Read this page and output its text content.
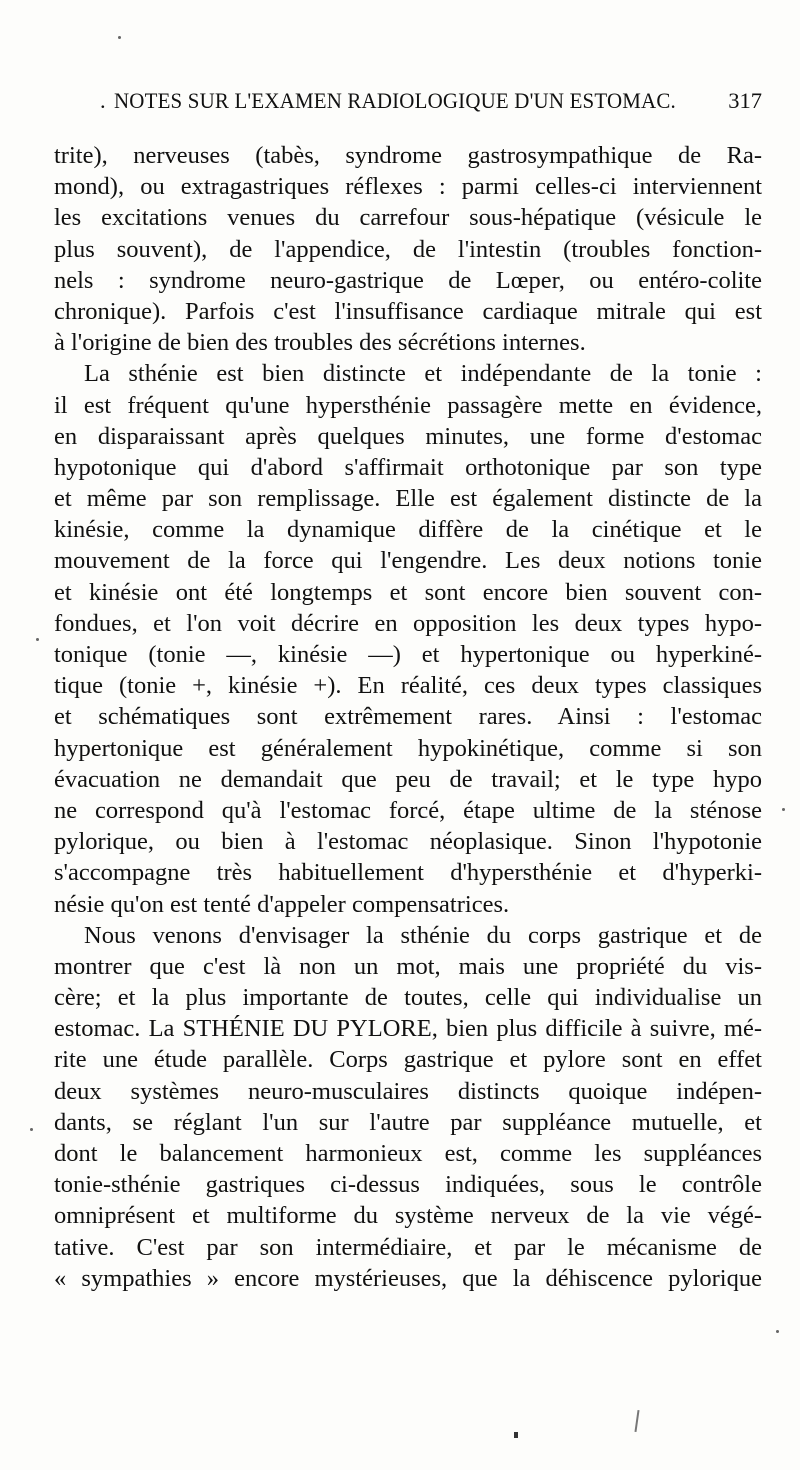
. NOTES SUR L'EXAMEN RADIOLOGIQUE D'UN ESTOMAC. 317
trite), nerveuses (tabès, syndrome gastrosympathique de Ra-
mond), ou extragastriques réflexes : parmi celles-ci interviennent
les excitations venues du carrefour sous-hépatique (vésicule le
plus souvent), de l'appendice, de l'intestin (troubles fonction-
nels : syndrome neuro-gastrique de Lœper, ou entéro-colite
chronique). Parfois c'est l'insuffisance cardiaque mitrale qui est
à l'origine de bien des troubles des sécrétions internes.
La sthénie est bien distincte et indépendante de la tonie :
il est fréquent qu'une hypersthénie passagère mette en évidence,
en disparaissant après quelques minutes, une forme d'estomac
hypotonique qui d'abord s'affirmait orthotonique par son type
et même par son remplissage. Elle est également distincte de la
kinésie, comme la dynamique diffère de la cinétique et le
mouvement de la force qui l'engendre. Les deux notions tonie
et kinésie ont été longtemps et sont encore bien souvent con-
fondues, et l'on voit décrire en opposition les deux types hypo-
tonique (tonie —, kinésie —) et hypertonique ou hyperkiné-
tique (tonie +, kinésie +). En réalité, ces deux types classiques
et schématiques sont extrêmement rares. Ainsi : l'estomac
hypertonique est généralement hypokinétique, comme si son
évacuation ne demandait que peu de travail; et le type hypo
ne correspond qu'à l'estomac forcé, étape ultime de la sténose
pylorique, ou bien à l'estomac néoplasique. Sinon l'hypotonie
s'accompagne très habituellement d'hypersthénie et d'hyperki-
nésie qu'on est tenté d'appeler compensatrices.
Nous venons d'envisager la sthénie du corps gastrique et de
montrer que c'est là non un mot, mais une propriété du vis-
cère; et la plus importante de toutes, celle qui individualise un
estomac. La STHÉNIE DU PYLORE, bien plus difficile à suivre, mé-
rite une étude parallèle. Corps gastrique et pylore sont en effet
deux systèmes neuro-musculaires distincts quoique indépen-
dants, se réglant l'un sur l'autre par suppléance mutuelle, et
dont le balancement harmonieux est, comme les suppléances
tonie-sthénie gastriques ci-dessus indiquées, sous le contrôle
omniprésent et multiforme du système nerveux de la vie végé-
tative. C'est par son intermédiaire, et par le mécanisme de
« sympathies » encore mystérieuses, que la déhiscence pylorique
